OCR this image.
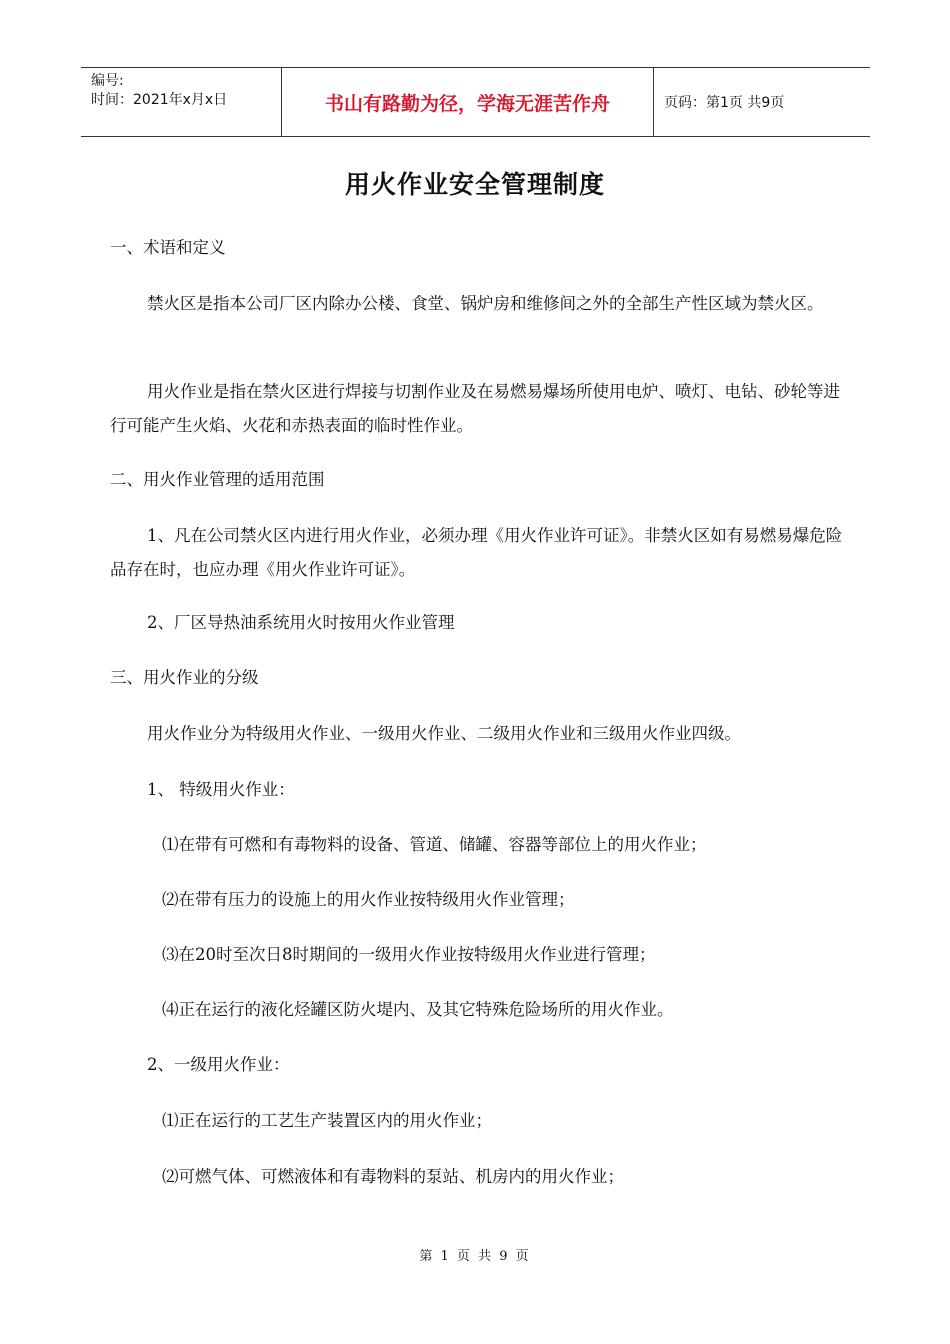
编号:
时间：2021年x月x日	书山有路勤为径，学海无涯苦作舟	页码：第1页 共9页
用火作业安全管理制度

一、术语和定义

禁火区是指本公司厂区内除办公楼、食堂、锅炉房和维修间之外的全部生产性区域为禁火区。

用火作业是指在禁火区进行焊接与切割作业及在易燃易爆场所使用电炉、喷灯、电钻、砂轮等进行可能产生火焰、火花和赤热表面的临时性作业。

二、用火作业管理的适用范围

1、凡在公司禁火区内进行用火作业，必须办理《用火作业许可证》。非禁火区如有易燃易爆危险品存在时，也应办理《用火作业许可证》。

2、厂区导热油系统用火时按用火作业管理

三、用火作业的分级

用火作业分为特级用火作业、一级用火作业、二级用火作业和三级用火作业四级。

1、 特级用火作业：

⑴在带有可燃和有毒物料的设备、管道、储罐、容器等部位上的用火作业；

⑵在带有压力的设施上的用火作业按特级用火作业管理；

⑶在20时至次日8时期间的一级用火作业按特级用火作业进行管理；

⑷正在运行的液化烃罐区防火堤内、及其它特殊危险场所的用火作业。

2、一级用火作业：

⑴正在运行的工艺生产装置区内的用火作业；

⑵可燃气体、可燃液体和有毒物料的泵站、机房内的用火作业；

第 1 页 共 9 页
